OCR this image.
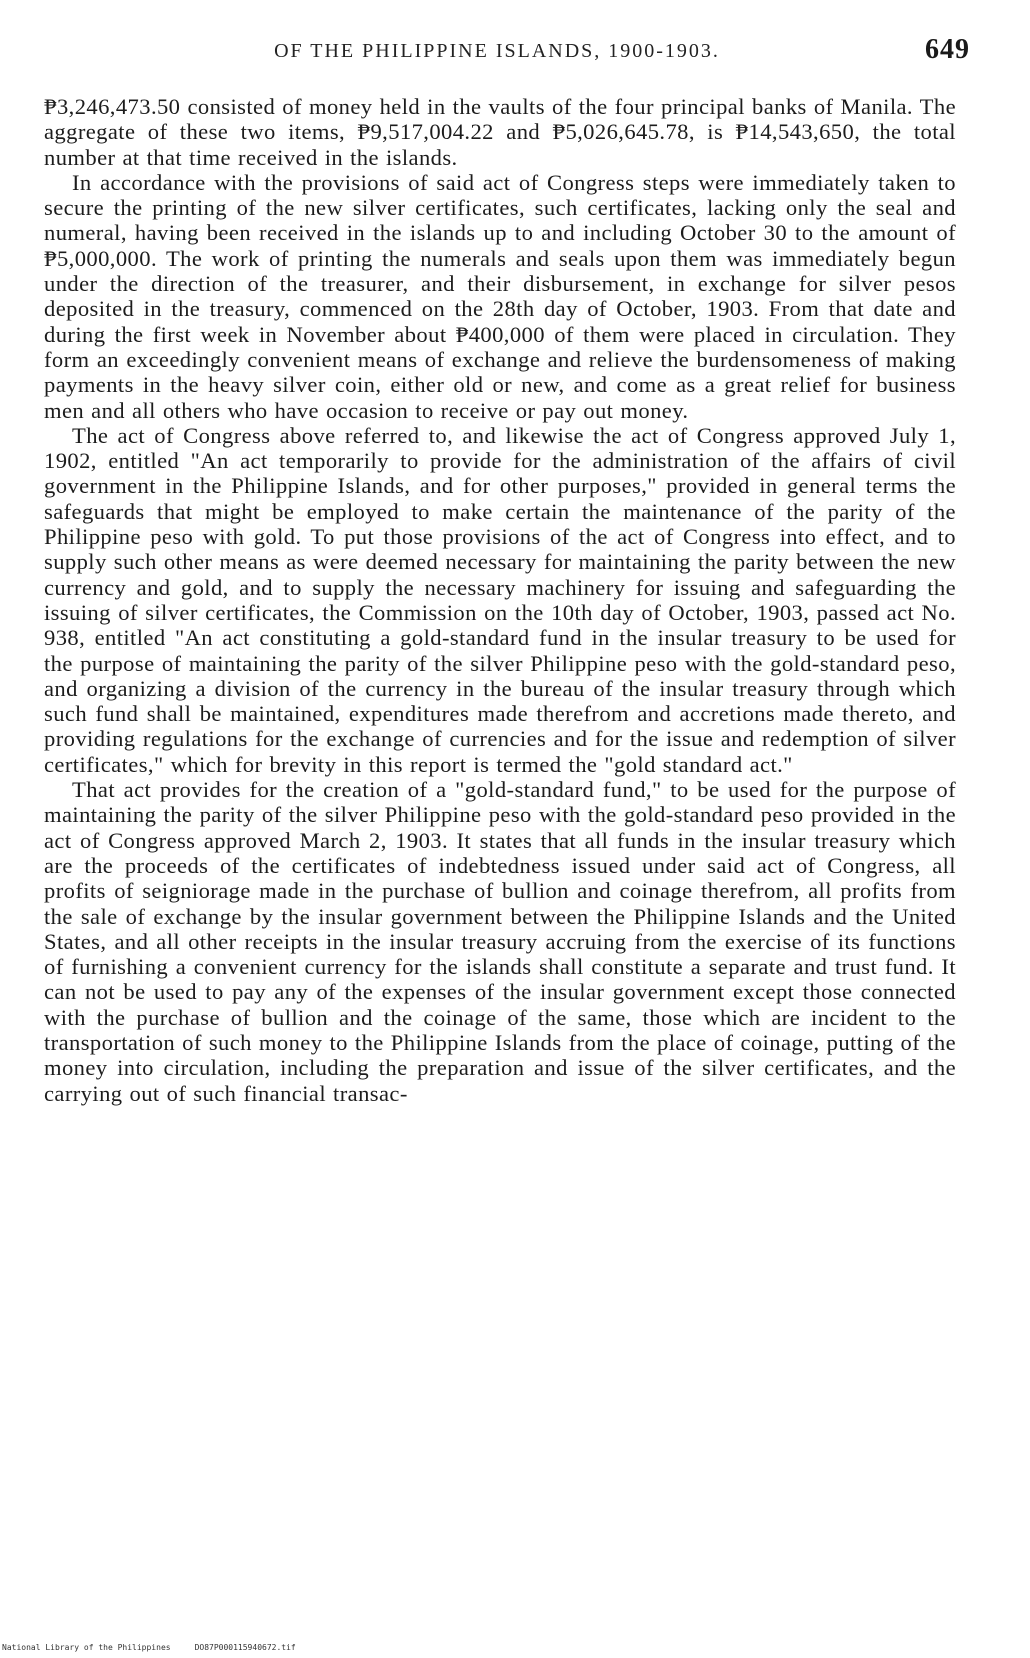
OF THE PHILIPPINE ISLANDS, 1900-1903.	649

₱3,246,473.50 consisted of money held in the vaults of the four principal banks of Manila. The aggregate of these two items, ₱9,517,004.22 and ₱5,026,645.78, is ₱14,543,650, the total number at that time received in the islands.

In accordance with the provisions of said act of Congress steps were immediately taken to secure the printing of the new silver certificates, such certificates, lacking only the seal and numeral, having been received in the islands up to and including October 30 to the amount of ₱5,000,000. The work of printing the numerals and seals upon them was immediately begun under the direction of the treasurer, and their disbursement, in exchange for silver pesos deposited in the treasury, commenced on the 28th day of October, 1903. From that date and during the first week in November about ₱400,000 of them were placed in circulation. They form an exceedingly convenient means of exchange and relieve the burdensomeness of making payments in the heavy silver coin, either old or new, and come as a great relief for business men and all others who have occasion to receive or pay out money.

The act of Congress above referred to, and likewise the act of Congress approved July 1, 1902, entitled "An act temporarily to provide for the administration of the affairs of civil government in the Philippine Islands, and for other purposes," provided in general terms the safeguards that might be employed to make certain the maintenance of the parity of the Philippine peso with gold. To put those provisions of the act of Congress into effect, and to supply such other means as were deemed necessary for maintaining the parity between the new currency and gold, and to supply the necessary machinery for issuing and safeguarding the issuing of silver certificates, the Commission on the 10th day of October, 1903, passed act No. 938, entitled "An act constituting a gold-standard fund in the insular treasury to be used for the purpose of maintaining the parity of the silver Philippine peso with the gold-standard peso, and organizing a division of the currency in the bureau of the insular treasury through which such fund shall be maintained, expenditures made therefrom and accretions made thereto, and providing regulations for the exchange of currencies and for the issue and redemption of silver certificates," which for brevity in this report is termed the "gold standard act."

That act provides for the creation of a "gold-standard fund," to be used for the purpose of maintaining the parity of the silver Philippine peso with the gold-standard peso provided in the act of Congress approved March 2, 1903. It states that all funds in the insular treasury which are the proceeds of the certificates of indebtedness issued under said act of Congress, all profits of seigniorage made in the purchase of bullion and coinage therefrom, all profits from the sale of exchange by the insular government between the Philippine Islands and the United States, and all other receipts in the insular treasury accruing from the exercise of its functions of furnishing a convenient currency for the islands shall constitute a separate and trust fund. It can not be used to pay any of the expenses of the insular government except those connected with the purchase of bullion and the coinage of the same, those which are incident to the transportation of such money to the Philippine Islands from the place of coinage, putting of the money into circulation, including the preparation and issue of the silver certificates, and the carrying out of such financial transac-

National Library of the Philippines	DO87P000115940672.tif
